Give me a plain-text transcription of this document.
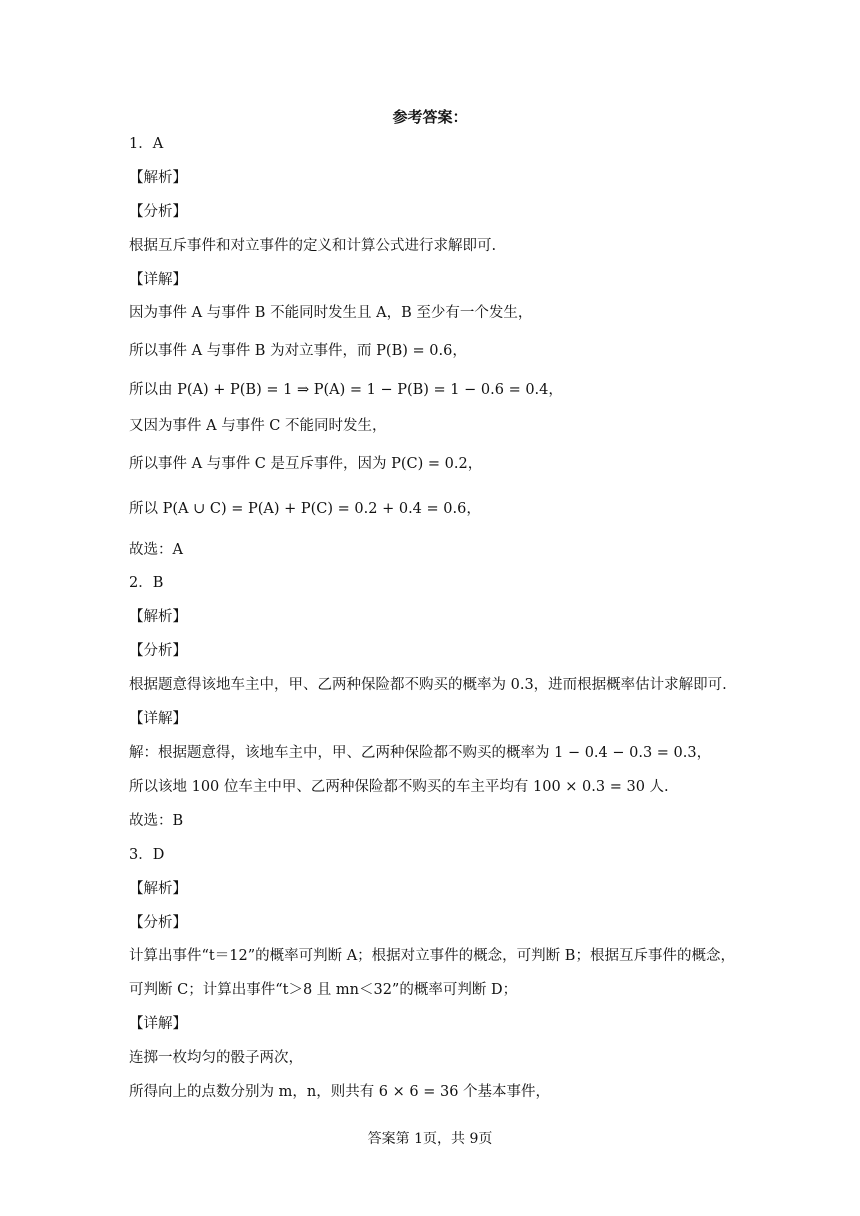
参考答案：
1．A
【解析】
【分析】
根据互斥事件和对立事件的定义和计算公式进行求解即可.
【详解】
因为事件 A 与事件 B 不能同时发生且 A，B 至少有一个发生，
所以事件 A 与事件 B 为对立事件，而 P(B) = 0.6，
所以由 P(A) + P(B) = 1 ⇒ P(A) = 1 − P(B) = 1 − 0.6 = 0.4，
又因为事件 A 与事件 C 不能同时发生，
所以事件 A 与事件 C 是互斥事件，因为 P(C) = 0.2，
所以 P(A ∪ C) = P(A) + P(C) = 0.2 + 0.4 = 0.6，
故选：A
2．B
【解析】
【分析】
根据题意得该地车主中，甲、乙两种保险都不购买的概率为 0.3，进而根据概率估计求解即可.
【详解】
解：根据题意得，该地车主中，甲、乙两种保险都不购买的概率为 1 − 0.4 − 0.3 = 0.3，
所以该地 100 位车主中甲、乙两种保险都不购买的车主平均有 100 × 0.3 = 30 人.
故选：B
3．D
【解析】
【分析】
计算出事件“t＝12”的概率可判断 A；根据对立事件的概念，可判断 B；根据互斥事件的概念，
可判断 C；计算出事件“t＞8 且 mn＜32”的概率可判断 D；
【详解】
连掷一枚均匀的骰子两次，
所得向上的点数分别为 m，n，则共有 6 × 6 = 36 个基本事件，
答案第 1页，共 9页
